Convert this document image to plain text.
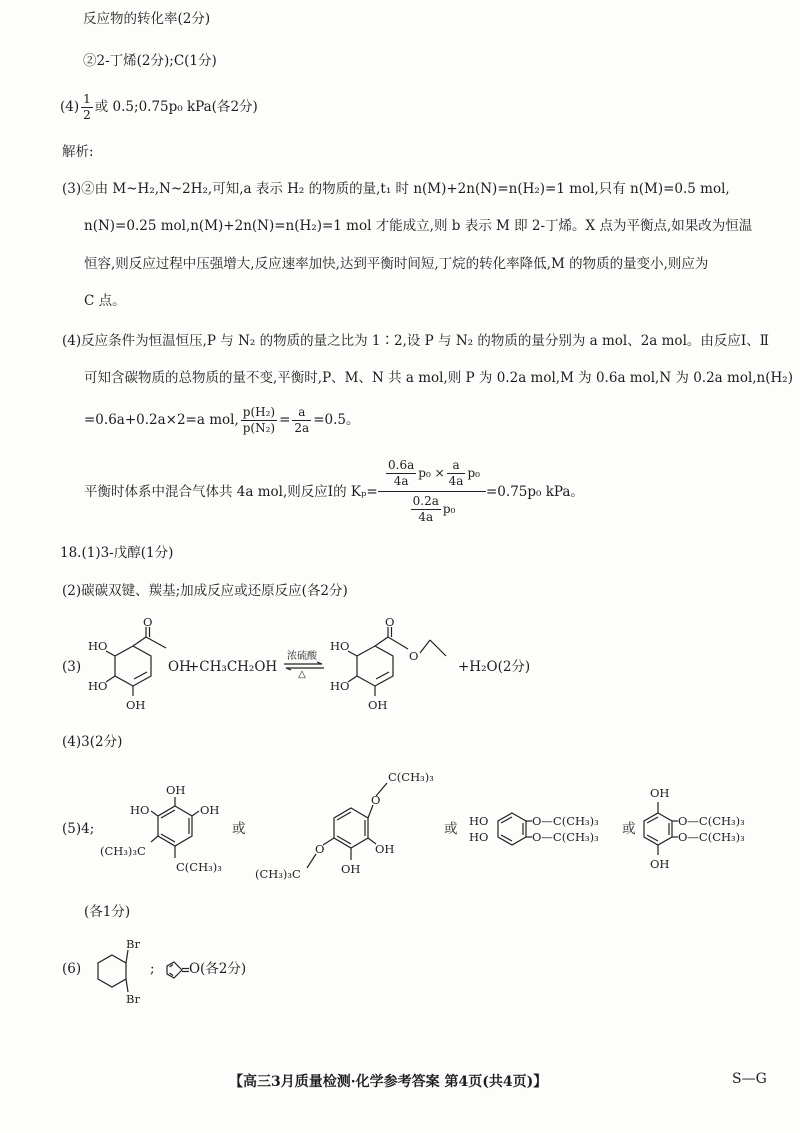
反应物的转化率(2分)
②2-丁烯(2分);C(1分)
$(4) \frac{1}{2}$ 或 0.5;0.75p₀ kPa(各2分)
解析:
(3)②由 M~H₂,N~2H₂,可知,a 表示 H₂ 的物质的量,t₁ 时 n(M)+2n(N)=n(H₂)=1 mol,只有 n(M)=0.5 mol,
n(N)=0.25 mol,n(M)+2n(N)=n(H₂)=1 mol 才能成立,则 b 表示 M 即 2-丁烯。X 点为平衡点,如果改为恒温
恒容,则反应过程中压强增大,反应速率加快,达到平衡时间短,丁烷的转化率降低,M 的物质的量变小,则应为
C 点。
(4)反应条件为恒温恒压,P 与 N₂ 的物质的量之比为 1∶2,设 P 与 N₂ 的物质的量分别为 a mol、2a mol。由反应Ⅰ、Ⅱ
可知含碳物质的总物质的量不变,平衡时,P、M、N 共 a mol,则 P 为 0.2a mol,M 为 0.6a mol,N 为 0.2a mol,n(H₂)
=0.6a+0.2a×2=a mol, $\frac{\text{p(H₂)}}{\text{p(N₂)}} = \frac{a}{2a} =0.5$。
平衡时体系中混合气体共 4a mol,则反应Ⅰ的 $K_p= \frac{\frac{0.6a}{4a} p_0 \times \frac{a}{4a} p_0}{\frac{0.2a}{4a} p_0} =0.75p_0$ kPa。
18.(1)3-戊醇(1分)
(2)碳碳双键、羰基;加成反应或还原反应(各2分)
(3)
O
HO
HO
OH
OH
+CH₃CH₂OH
浓硫酸
△
O
O
HO
HO
OH
+H₂O(2分)
(4)3(2分)
(5)4;
OH
HO	OH
(CH₃)₃C
C(CH₃)₃
或
C(CH₃)₃
O
O
(CH₃)₃C	OH
OH
或 HO
HO
O—C(CH₃)₃
O—C(CH₃)₃ 或
OH
OH
O—C(CH₃)₃
O—C(CH₃)₃
(各1分)
(6)
Br
Br
;	O (各2分)
【高三3月质量检测·化学参考答案 第4页(共4页)】	S—G
